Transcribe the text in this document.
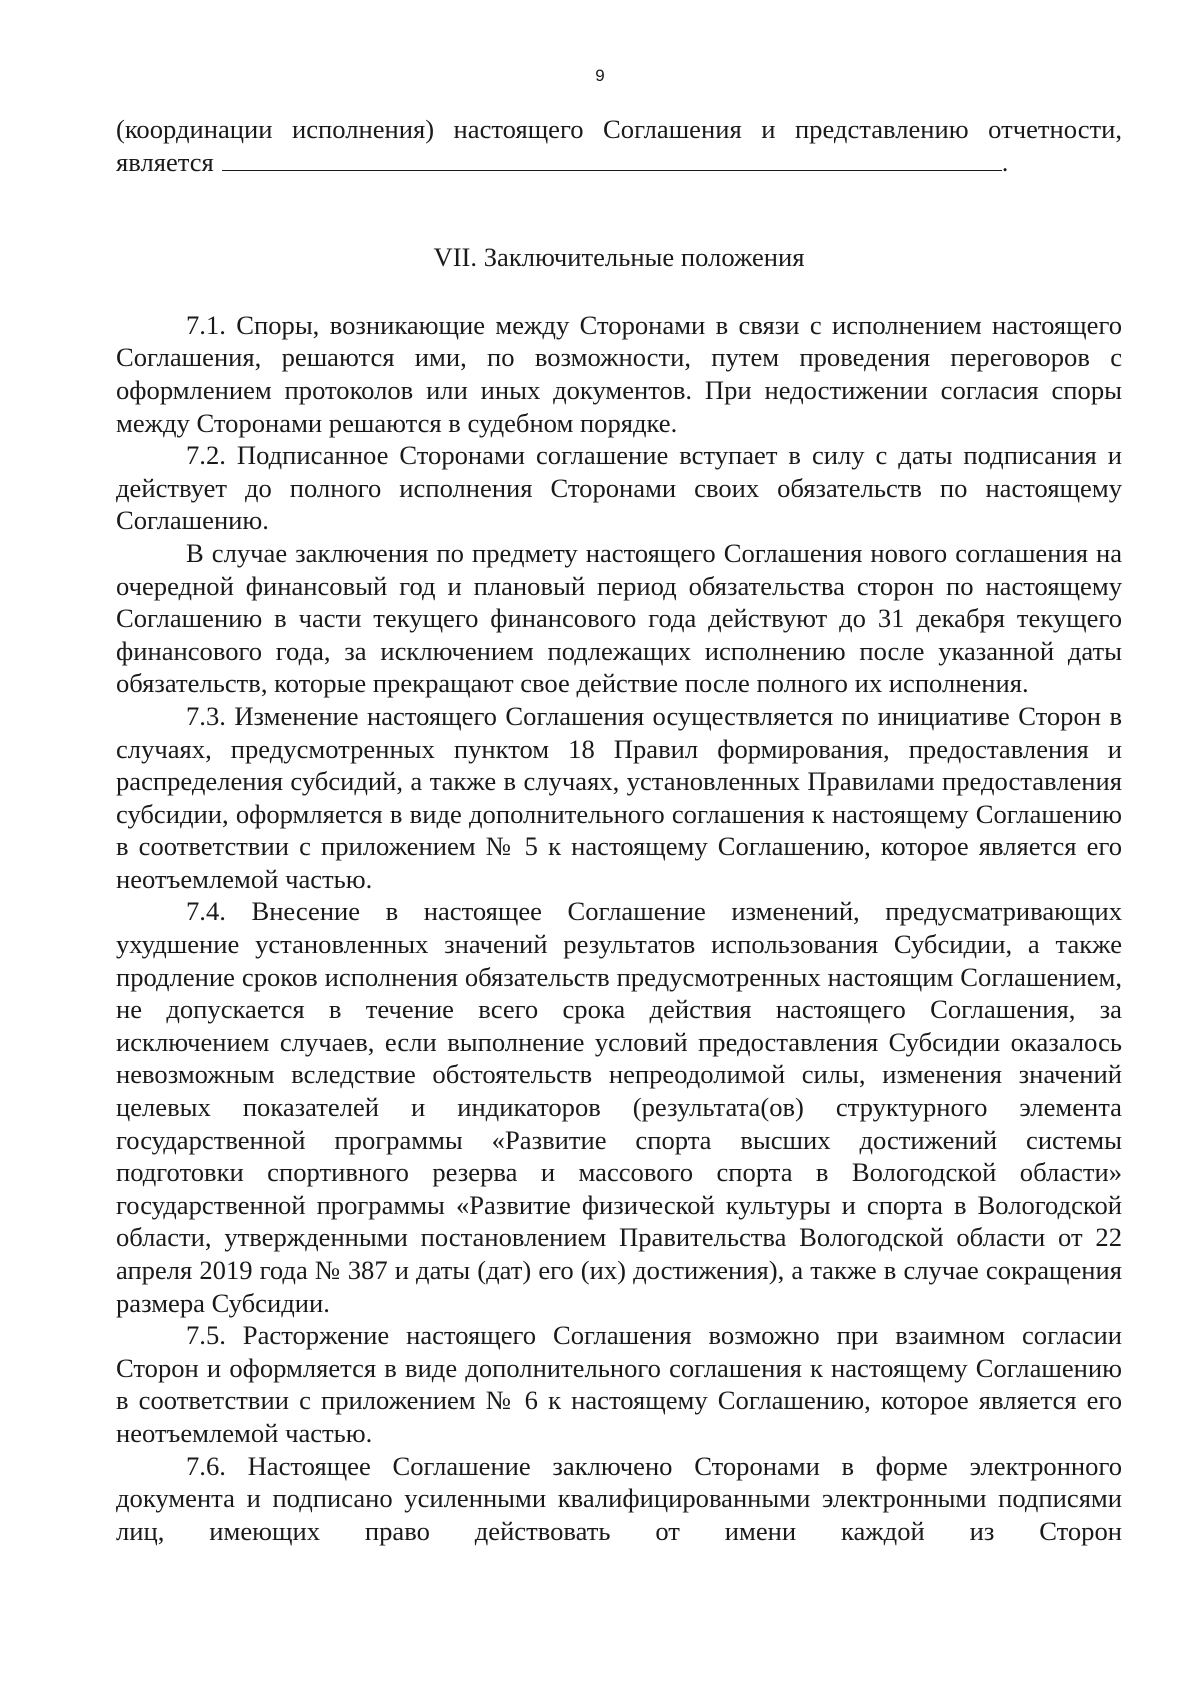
9

(координации исполнения) настоящего Соглашения и представлению отчетности,

является	.

VII. Заключительные положения

7.1. Споры, возникающие между Сторонами в связи с исполнением настоящего Соглашения, решаются ими, по возможности, путем проведения переговоров с оформлением протоколов или иных документов. При недостижении согласия споры между Сторонами решаются в судебном порядке.

7.2. Подписанное Сторонами соглашение вступает в силу с даты подписания и действует до полного исполнения Сторонами своих обязательств по настоящему Соглашению.

В случае заключения по предмету настоящего Соглашения нового соглашения на очередной финансовый год и плановый период обязательства сторон по настоящему Соглашению в части текущего финансового года действуют до 31 декабря текущего финансового года, за исключением подлежащих исполнению после указанной даты обязательств, которые прекращают свое действие после полного их исполнения.

7.3. Изменение настоящего Соглашения осуществляется по инициативе Сторон в случаях, предусмотренных пунктом 18 Правил формирования, предоставления и распределения субсидий, а также в случаях, установленных Правилами предоставления субсидии, оформляется в виде дополнительного соглашения к настоящему Соглашению в соответствии с приложением № 5 к настоящему Соглашению, которое является его неотъемлемой частью.

7.4. Внесение в настоящее Соглашение изменений, предусматривающих ухудшение установленных значений результатов использования Субсидии, а также продление сроков исполнения обязательств предусмотренных настоящим Соглашением, не допускается в течение всего срока действия настоящего Соглашения, за исключением случаев, если выполнение условий предоставления Субсидии оказалось невозможным вследствие обстоятельств непреодолимой силы, изменения значений целевых показателей и индикаторов (результата(ов) структурного элемента государственной программы «Развитие спорта высших достижений системы подготовки спортивного резерва и массового спорта в Вологодской области» государственной программы «Развитие физической культуры и спорта в Вологодской области, утвержденными постановлением Правительства Вологодской области от 22 апреля 2019 года № 387 и даты (дат) его (их) достижения), а также в случае сокращения размера Субсидии.

7.5. Расторжение настоящего Соглашения возможно при взаимном согласии Сторон и оформляется в виде дополнительного соглашения к настоящему Соглашению в соответствии с приложением № 6 к настоящему Соглашению, которое является его неотъемлемой частью.

7.6. Настоящее Соглашение заключено Сторонами в форме электронного документа и подписано усиленными квалифицированными электронными подписями лиц, имеющих право действовать от имени каждой из Сторон
